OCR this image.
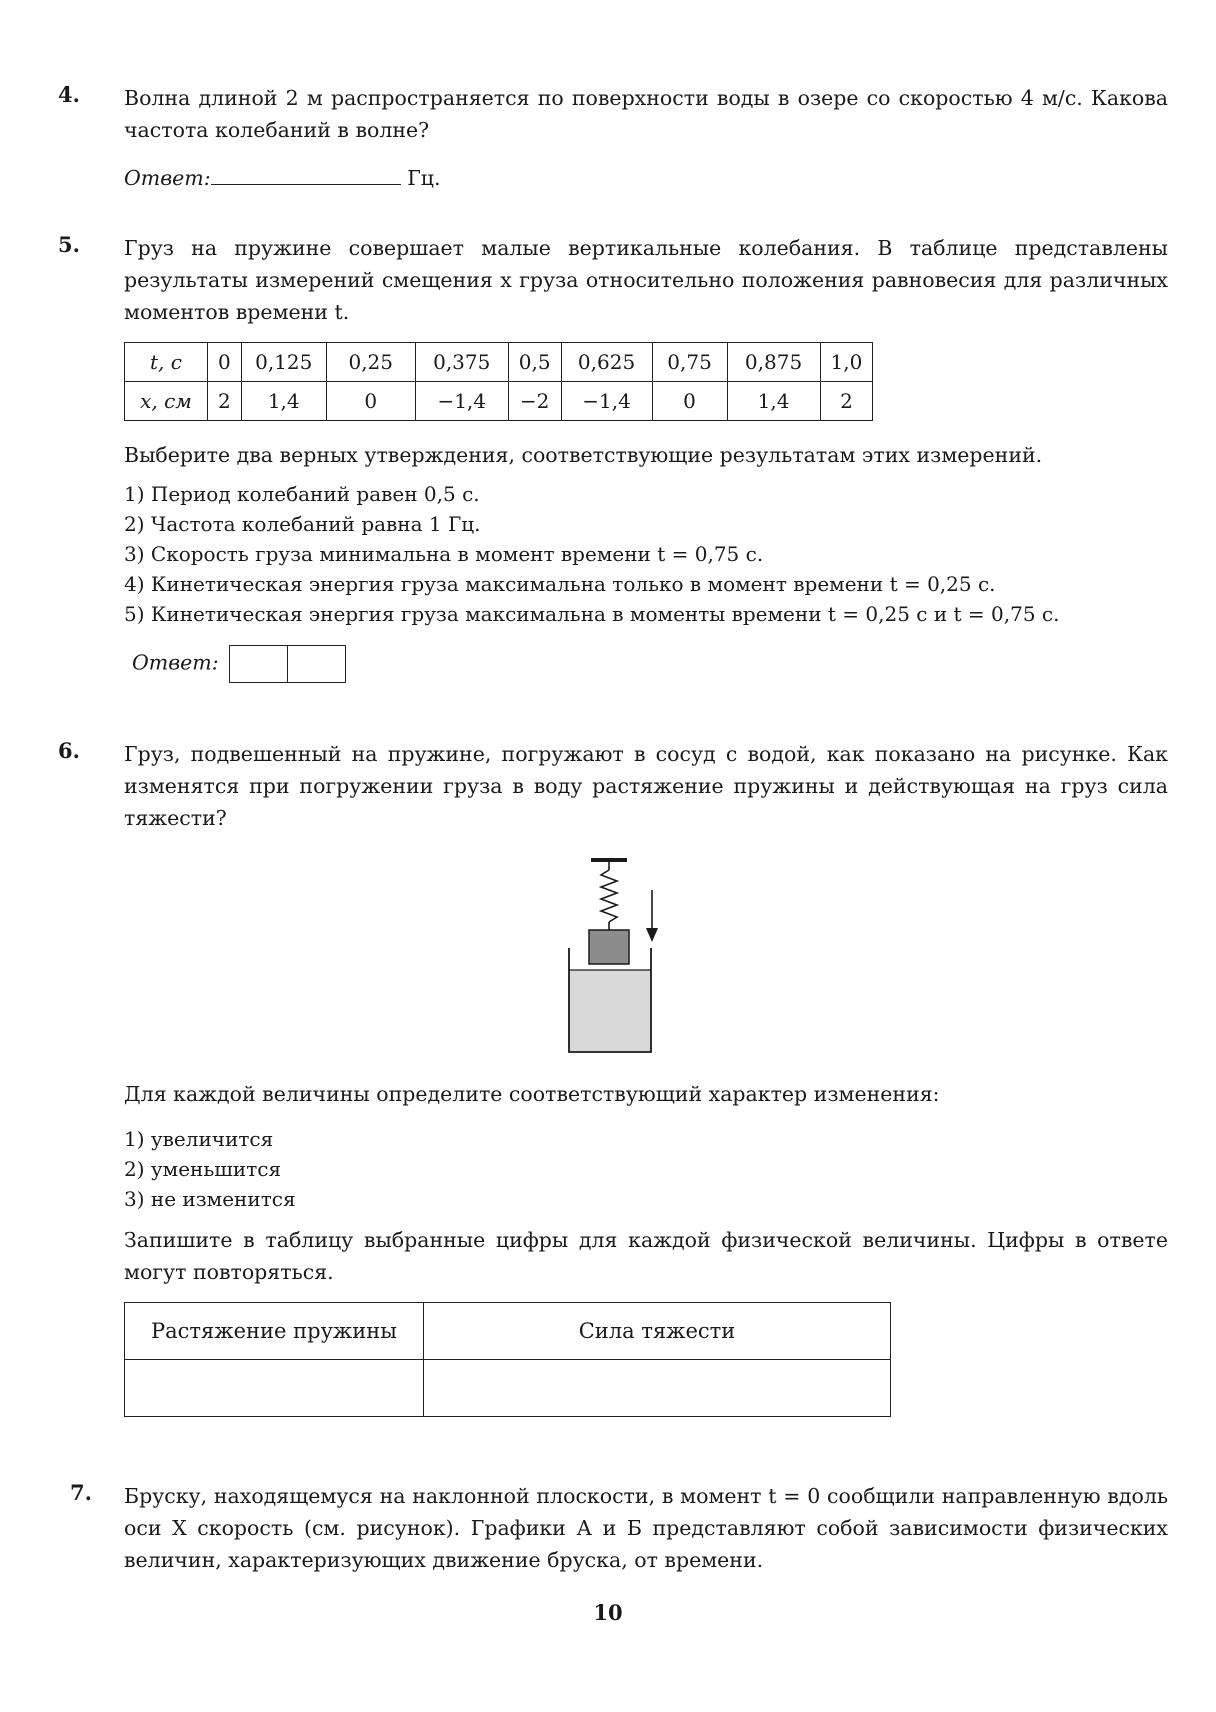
4. Волна длиной 2 м распространяется по поверхности воды в озере со скоростью 4 м/с. Какова частота колебаний в волне?
Ответ:	Гц.
5. Груз на пружине совершает малые вертикальные колебания. В таблице представлены результаты измерений смещения x груза относительно положения равновесия для различных моментов времени t.
t, с	0	0,125	0,25	0,375	0,5	0,625	0,75	0,875	1,0
x, см	2	1,4	0	−1,4	−2	−1,4	0	1,4	2
Выберите два верных утверждения, соответствующие результатам этих измерений.
1) Период колебаний равен 0,5 с.
2) Частота колебаний равна 1 Гц.
3) Скорость груза минимальна в момент времени t = 0,75 с.
4) Кинетическая энергия груза максимальна только в момент времени t = 0,25 с.
5) Кинетическая энергия груза максимальна в моменты времени t = 0,25 с и t = 0,75 с.
Ответ:
6. Груз, подвешенный на пружине, погружают в сосуд с водой, как показано на рисунке. Как изменятся при погружении груза в воду растяжение пружины и действующая на груз сила тяжести?
Для каждой величины определите соответствующий характер изменения:
1) увеличится
2) уменьшится
3) не изменится
Запишите в таблицу выбранные цифры для каждой физической величины. Цифры в ответе могут повторяться.
Растяжение пружины	Сила тяжести

7. Бруску, находящемуся на наклонной плоскости, в момент t = 0 сообщили направленную вдоль оси X скорость (см. рисунок). Графики А и Б представляют собой зависимости физических величин, характеризующих движение бруска, от времени.
10
